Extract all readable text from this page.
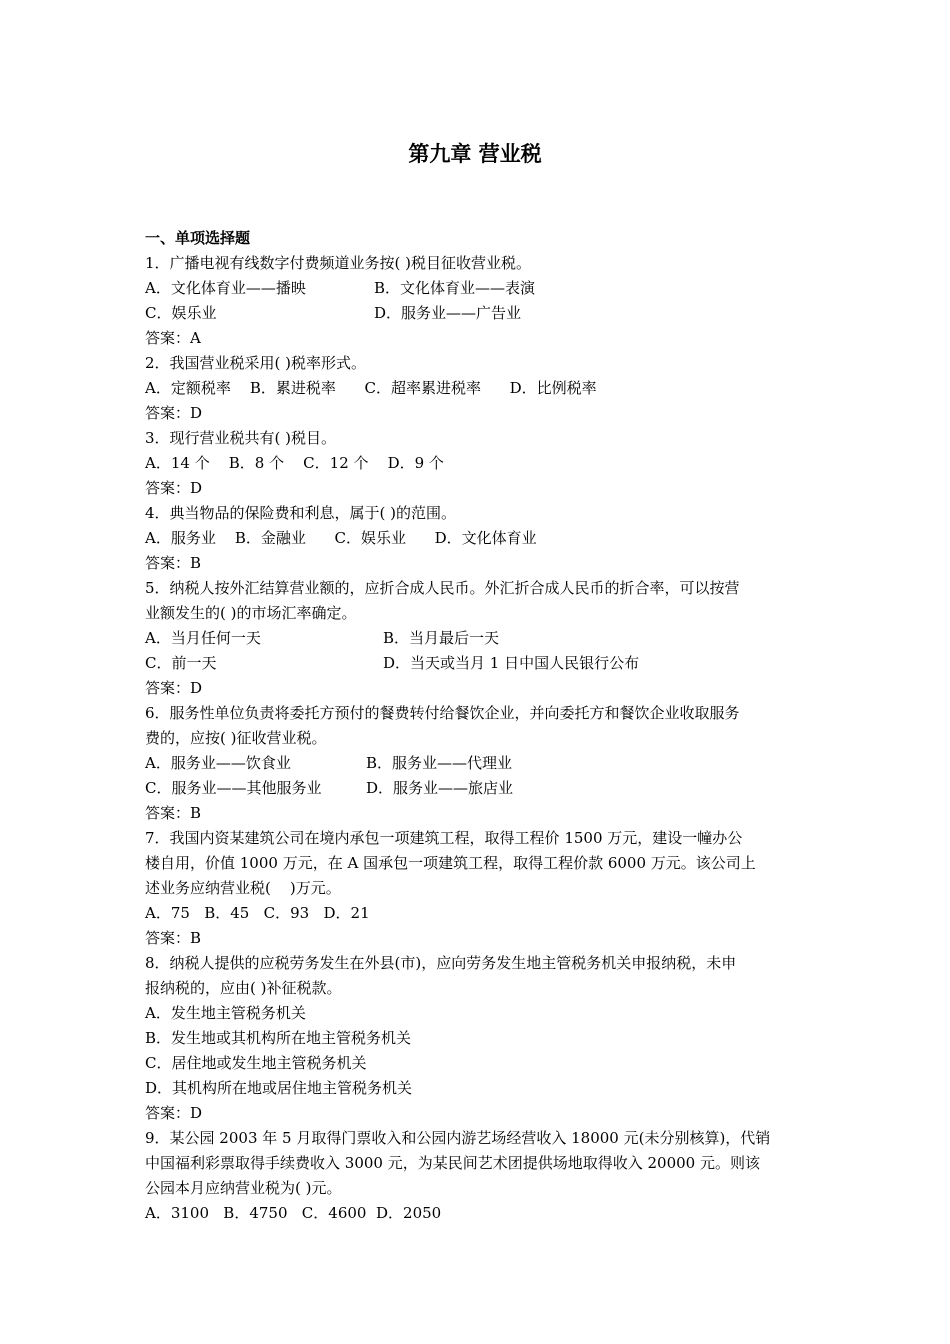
第九章 营业税
一、单项选择题
1．广播电视有线数字付费频道业务按( )税目征收营业税。
A．文化体育业——播映	B．文化体育业——表演
C．娱乐业	D．服务业——广告业
答案：A
2．我国营业税采用( )税率形式。
A．定额税率    B．累进税率      C．超率累进税率      D．比例税率
答案：D
3．现行营业税共有( )税目。
A．14 个    B．8 个    C．12 个    D．9 个
答案：D
4．典当物品的保险费和利息，属于( )的范围。
A．服务业    B．金融业      C．娱乐业      D．文化体育业
答案：B
5．纳税人按外汇结算营业额的，应折合成人民币。外汇折合成人民币的折合率，可以按营
业额发生的( )的市场汇率确定。
A．当月任何一天	B．当月最后一天
C．前一天	D．当天或当月 1 日中国人民银行公布
答案：D
6．服务性单位负责将委托方预付的餐费转付给餐饮企业，并向委托方和餐饮企业收取服务
费的，应按( )征收营业税。
A．服务业——饮食业	B．服务业——代理业
C．服务业——其他服务业	D．服务业——旅店业
答案：B
7．我国内资某建筑公司在境内承包一项建筑工程，取得工程价 1500 万元，建设一幢办公
楼自用，价值 1000 万元，在 A 国承包一项建筑工程，取得工程价款 6000 万元。该公司上
述业务应纳营业税(    )万元。
A．75   B．45   C．93   D．21
答案：B
8．纳税人提供的应税劳务发生在外县(市)，应向劳务发生地主管税务机关申报纳税，未申
报纳税的，应由( )补征税款。
A．发生地主管税务机关
B．发生地或其机构所在地主管税务机关
C．居住地或发生地主管税务机关
D．其机构所在地或居住地主管税务机关
答案：D
9．某公园 2003 年 5 月取得门票收入和公园内游艺场经营收入 18000 元(未分别核算)，代销
中国福利彩票取得手续费收入 3000 元，为某民间艺术团提供场地取得收入 20000 元。则该
公园本月应纳营业税为( )元。
A．3100   B．4750   C．4600  D．2050
